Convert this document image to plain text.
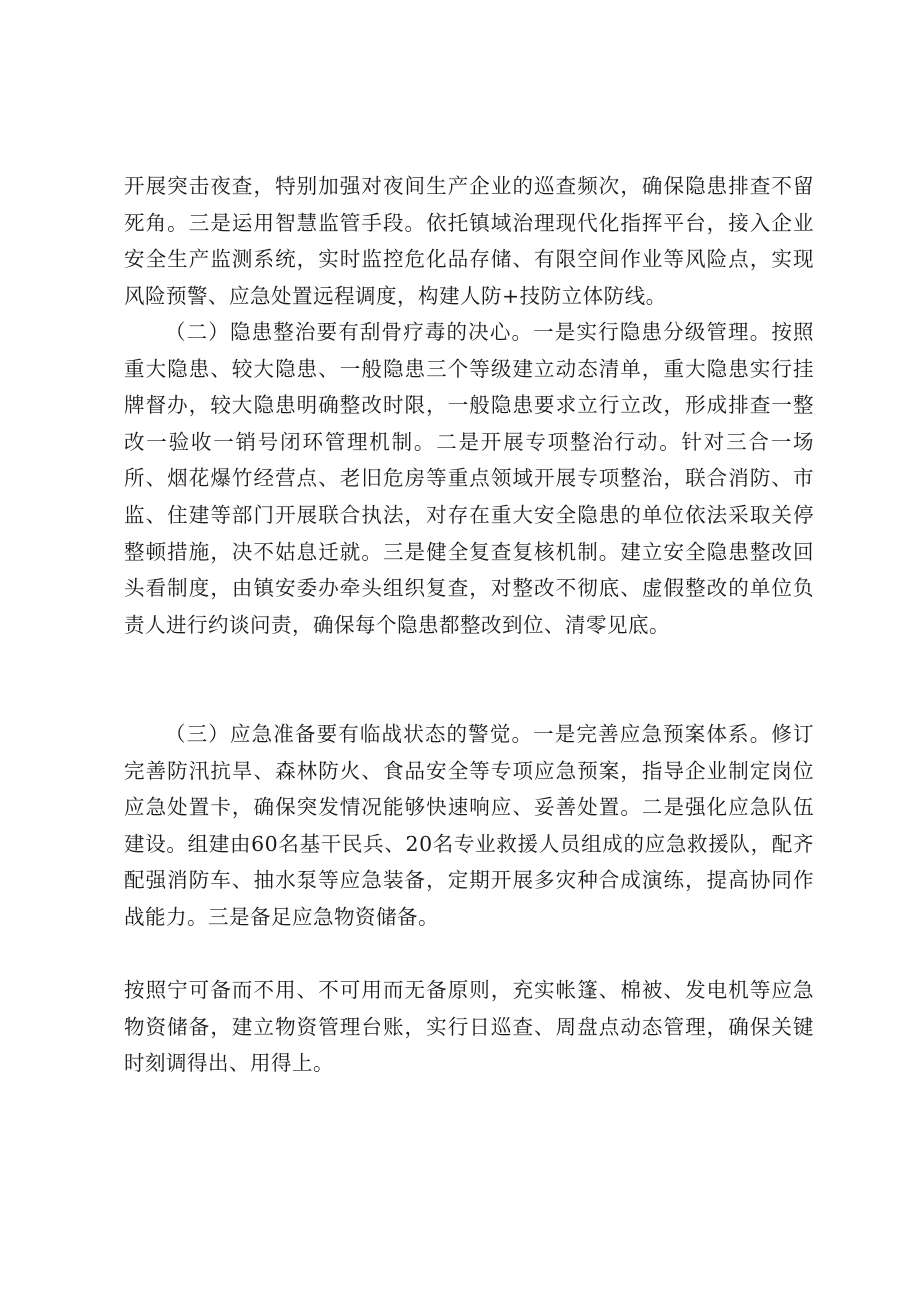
开展突击夜查，特别加强对夜间生产企业的巡查频次，确保隐患排查不留死角。三是运用智慧监管手段。依托镇域治理现代化指挥平台，接入企业安全生产监测系统，实时监控危化品存储、有限空间作业等风险点，实现风险预警、应急处置远程调度，构建人防+技防立体防线。

（二）隐患整治要有刮骨疗毒的决心。一是实行隐患分级管理。按照重大隐患、较大隐患、一般隐患三个等级建立动态清单，重大隐患实行挂牌督办，较大隐患明确整改时限，一般隐患要求立行立改，形成排查一整改一验收一销号闭环管理机制。二是开展专项整治行动。针对三合一场所、烟花爆竹经营点、老旧危房等重点领域开展专项整治，联合消防、市监、住建等部门开展联合执法，对存在重大安全隐患的单位依法采取关停整顿措施，决不姑息迁就。三是健全复查复核机制。建立安全隐患整改回头看制度，由镇安委办牵头组织复查，对整改不彻底、虚假整改的单位负责人进行约谈问责，确保每个隐患都整改到位、清零见底。

（三）应急准备要有临战状态的警觉。一是完善应急预案体系。修订完善防汛抗旱、森林防火、食品安全等专项应急预案，指导企业制定岗位应急处置卡，确保突发情况能够快速响应、妥善处置。二是强化应急队伍建设。组建由60名基干民兵、20名专业救援人员组成的应急救援队，配齐配强消防车、抽水泵等应急装备，定期开展多灾种合成演练，提高协同作战能力。三是备足应急物资储备。

按照宁可备而不用、不可用而无备原则，充实帐篷、棉被、发电机等应急物资储备，建立物资管理台账，实行日巡查、周盘点动态管理，确保关键时刻调得出、用得上。
